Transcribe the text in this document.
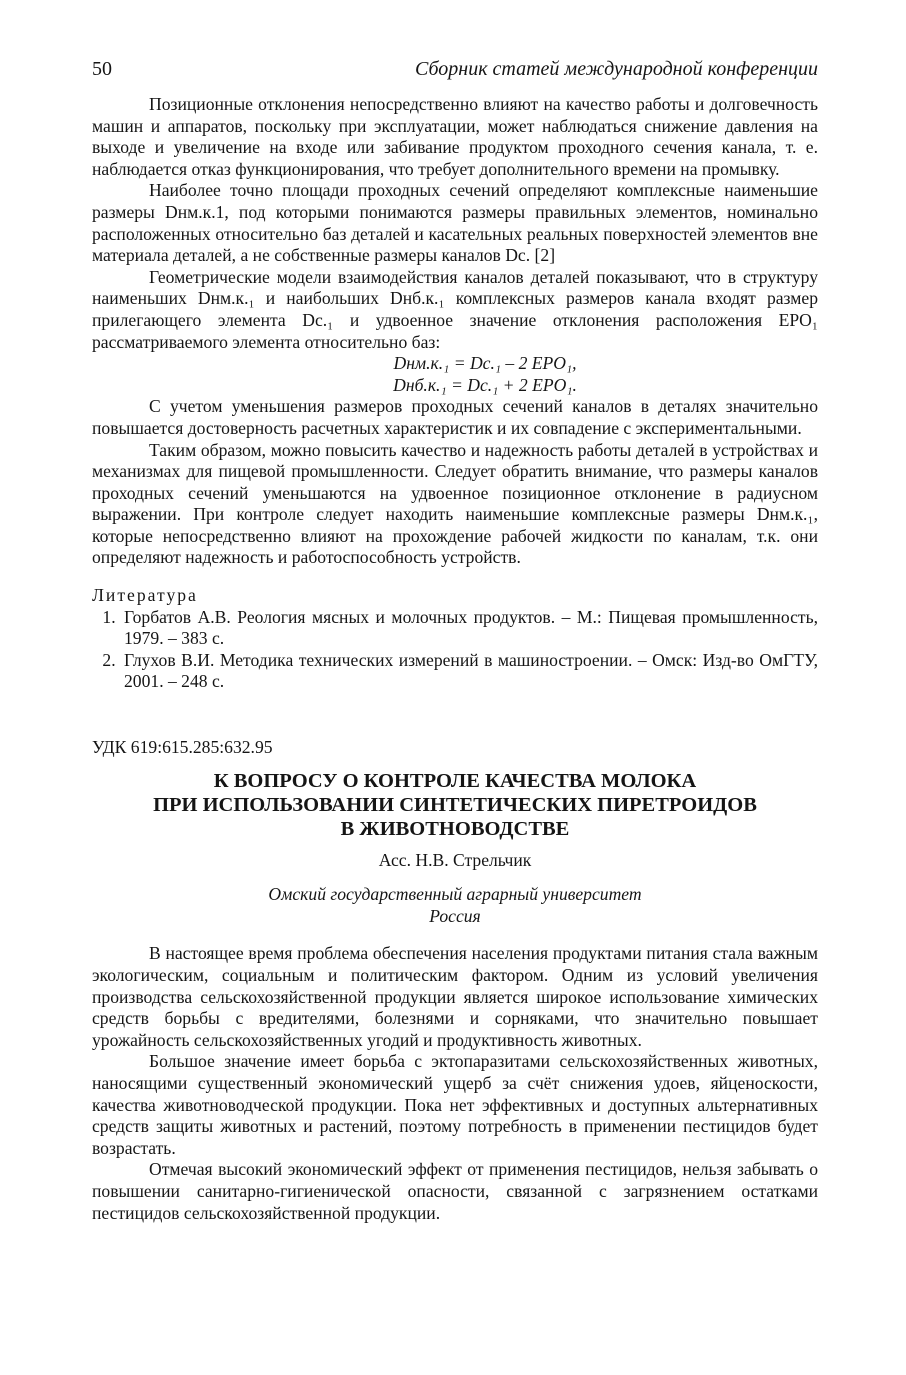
50	Сборник статей международной конференции

Позиционные отклонения непосредственно влияют на качество работы и долговечность машин и аппаратов, поскольку при эксплуатации, может наблюдаться снижение давления на выходе и увеличение на входе или забивание продуктом проходного сечения канала, т. е. наблюдается отказ функционирования, что требует дополнительного времени на промывку.

Наиболее точно площади проходных сечений определяют комплексные наименьшие размеры Dнм.к.1, под которыми понимаются размеры правильных элементов, номинально расположенных относительно баз деталей и касательных реальных поверхностей элементов вне материала деталей, а не собственные размеры каналов Dc. [2]

Геометрические модели взаимодействия каналов деталей показывают, что в структуру наименьших Dнм.к.₁ и наибольших Dнб.к.₁ комплексных размеров канала входят размер прилегающего элемента Dc.₁ и удвоенное значение отклонения расположения EPO₁ рассматриваемого элемента относительно баз:

Dнм.к.₁ = Dс.₁ – 2 EPO₁,
Dнб.к.₁ = Dс.₁ + 2 EPO₁.

С учетом уменьшения размеров проходных сечений каналов в деталях значительно повышается достоверность расчетных характеристик и их совпадение с экспериментальными.

Таким образом, можно повысить качество и надежность работы деталей в устройствах и механизмах для пищевой промышленности. Следует обратить внимание, что размеры каналов проходных сечений уменьшаются на удвоенное позиционное отклонение в радиусном выражении. При контроле следует находить наименьшие комплексные размеры Dнм.к.₁, которые непосредственно влияют на прохождение рабочей жидкости по каналам, т.к. они определяют надежность и работоспособность устройств.

Литература
1. Горбатов А.В. Реология мясных и молочных продуктов. – М.: Пищевая промышленность, 1979. – 383 с.
2. Глухов В.И. Методика технических измерений в машиностроении. – Омск: Изд-во ОмГТУ, 2001. – 248 с.
УДК 619:615.285:632.95
К ВОПРОСУ О КОНТРОЛЕ КАЧЕСТВА МОЛОКА
ПРИ ИСПОЛЬЗОВАНИИ СИНТЕТИЧЕСКИХ ПИРЕТРОИДОВ
В ЖИВОТНОВОДСТВЕ
Асс. Н.В. Стрельчик
Омский государственный аграрный университет
Россия

В настоящее время проблема обеспечения населения продуктами питания стала важным экологическим, социальным и политическим фактором. Одним из условий увеличения производства сельскохозяйственной продукции является широкое использование химических средств борьбы с вредителями, болезнями и сорняками, что значительно повышает урожайность сельскохозяйственных угодий и продуктивность животных.

Большое значение имеет борьба с эктопаразитами сельскохозяйственных животных, наносящими существенный экономический ущерб за счёт снижения удоев, яйценоскости, качества животноводческой продукции. Пока нет эффективных и доступных альтернативных средств защиты животных и растений, поэтому потребность в применении пестицидов будет возрастать.

Отмечая высокий экономический эффект от применения пестицидов, нельзя забывать о повышении санитарно-гигиенической опасности, связанной с загрязнением остатками пестицидов сельскохозяйственной продукции.
